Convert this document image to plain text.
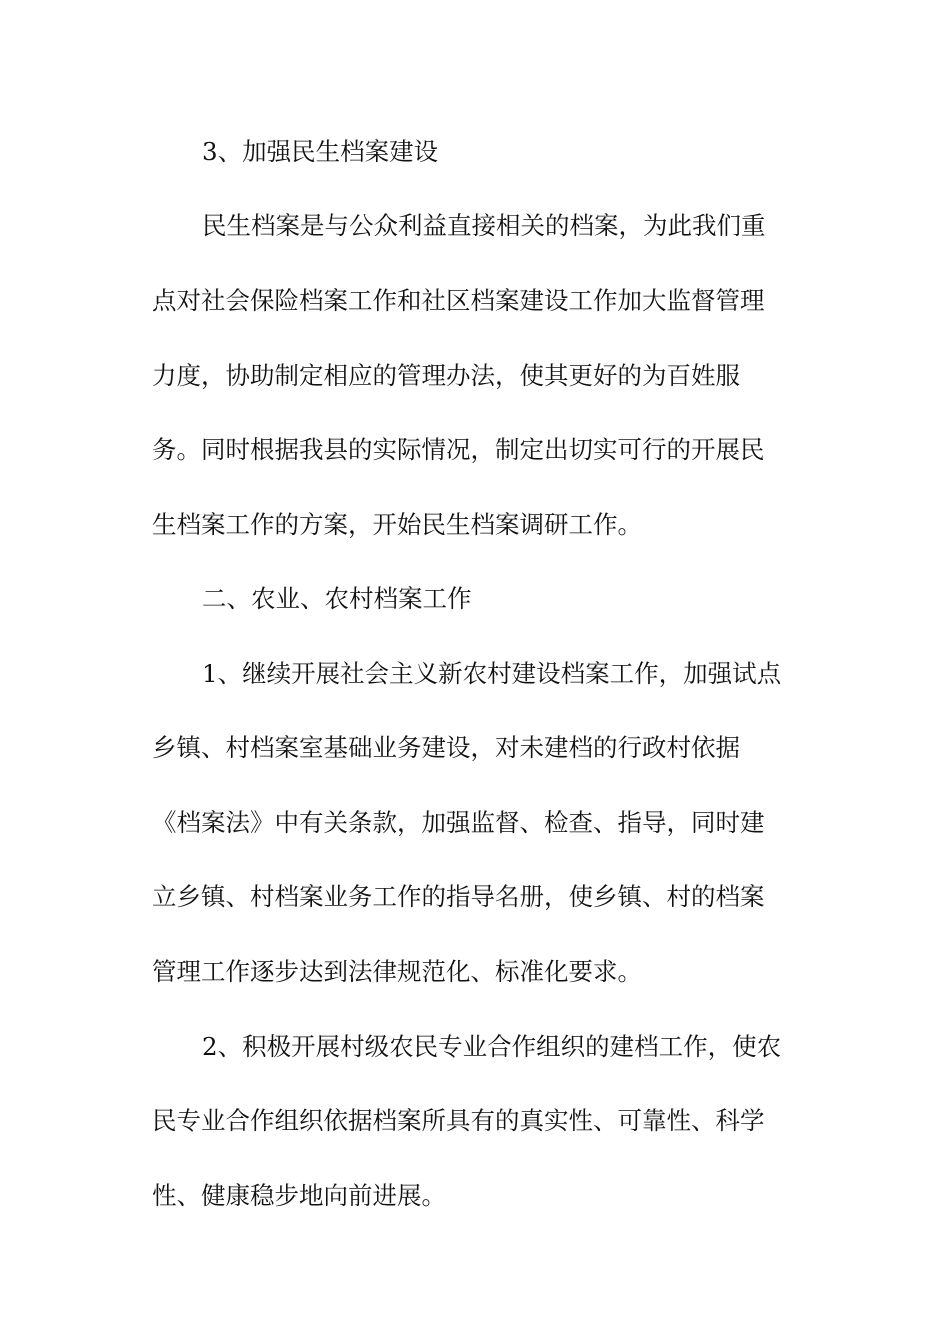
3、加强民生档案建设
民生档案是与公众利益直接相关的档案，为此我们重
点对社会保险档案工作和社区档案建设工作加大监督管理
力度，协助制定相应的管理办法，使其更好的为百姓服
务。同时根据我县的实际情况，制定出切实可行的开展民
生档案工作的方案，开始民生档案调研工作。
二、农业、农村档案工作
1、继续开展社会主义新农村建设档案工作，加强试点
乡镇、村档案室基础业务建设，对未建档的行政村依据
《档案法》中有关条款，加强监督、检查、指导，同时建
立乡镇、村档案业务工作的指导名册，使乡镇、村的档案
管理工作逐步达到法律规范化、标准化要求。
2、积极开展村级农民专业合作组织的建档工作，使农
民专业合作组织依据档案所具有的真实性、可靠性、科学
性、健康稳步地向前进展。
